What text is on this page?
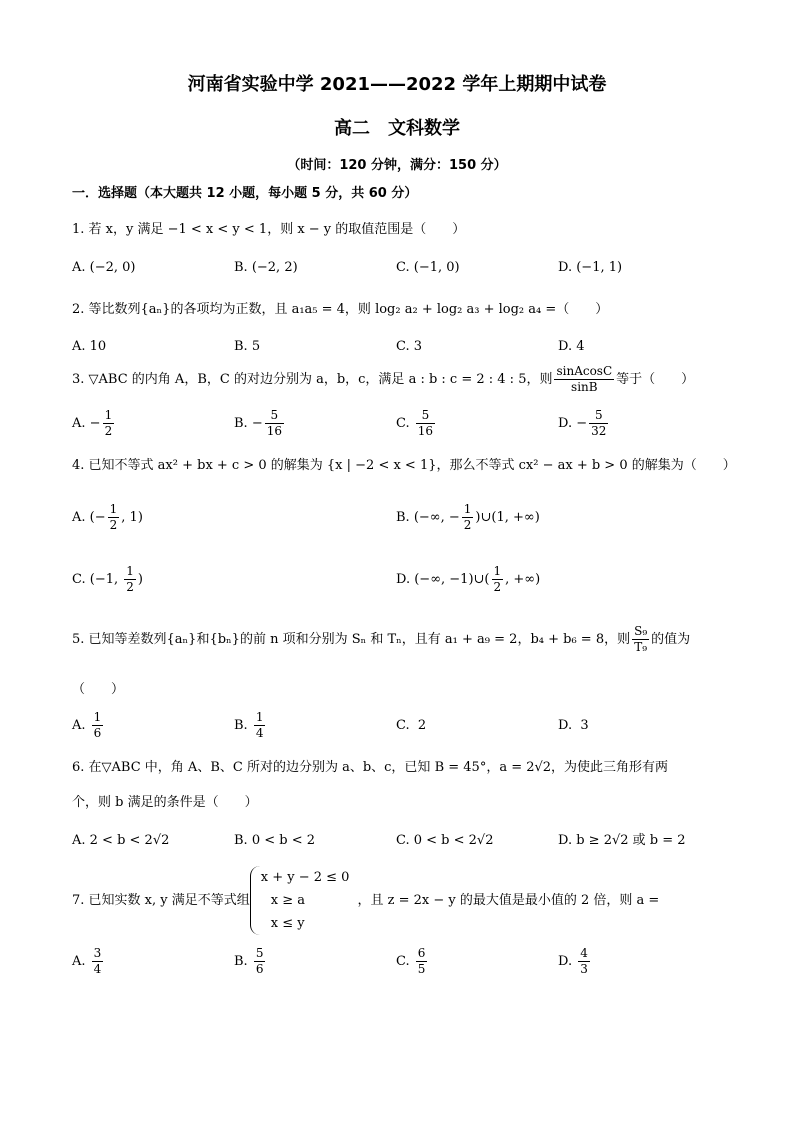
河南省实验中学 2021——2022 学年上期期中试卷
高二　文科数学
（时间：120 分钟，满分：150 分）
一．选择题（本大题共 12 小题，每小题 5 分，共 60 分）
1. 若 x，y 满足 −1 < x < y < 1，则 x − y 的取值范围是（　　）
A. (−2, 0)	B. (−2, 2)	C. (−1, 0)	D. (−1, 1)
2. 等比数列{aₙ}的各项均为正数，且 a₁a₅ = 4，则 log₂ a₂ + log₂ a₃ + log₂ a₄ =（　　）
A. 10	B. 5	C. 3	D. 4
3. ▽ABC 的内角 A，B，C 的对边分别为 a，b，c，满足 a : b : c = 2 : 4 : 5，则 $\frac{\text{sinAcosC}}{\sin B}$ 等于（　　）
A. − $\frac{1}{2}$	B. − $\frac{5}{16}$	C. $\frac{5}{16}$	D. − $\frac{5}{32}$
4. 已知不等式 ax² + bx + c > 0 的解集为 {x | −2 < x < 1}，那么不等式 cx² − ax + b > 0 的解集为（　　）
A. (− $\frac{1}{2}$ , 1)	B. (−∞, − $\frac{1}{2}$ )∪(1, +∞)
C. (−1, $\frac{1}{2}$ )	D. (−∞, −1)∪( $\frac{1}{2}$ , +∞)
5. 已知等差数列{aₙ}和{bₙ}的前 n 项和分别为 Sₙ 和 Tₙ，且有 a₁ + a₉ = 2，b₄ + b₆ = 8，则 $\frac{\text{S₉}}{\text{T₉}}$ 的值为
（　　）
A. $\frac{1}{6}$	B. $\frac{1}{4}$	C. 2	D. 3
6. 在▽ABC 中，角 A、B、C 所对的边分别为 a、b、c，已知 B = 45°，a = 2√2，为使此三角形有两
个，则 b 满足的条件是（　　）
A. 2 < b < 2√2	B. 0 < b < 2	C. 0 < b < 2√2	D. b ≥ 2√2 或 b = 2
7. 已知实数 x, y 满足不等式组
x + y − 2 ≤ 0
x ≥ a
x ≤ y
，且 z = 2x − y 的最大值是最小值的 2 倍，则 a =
A. $\frac{3}{4}$	B. $\frac{5}{6}$	C. $\frac{6}{5}$	D. $\frac{4}{3}$
